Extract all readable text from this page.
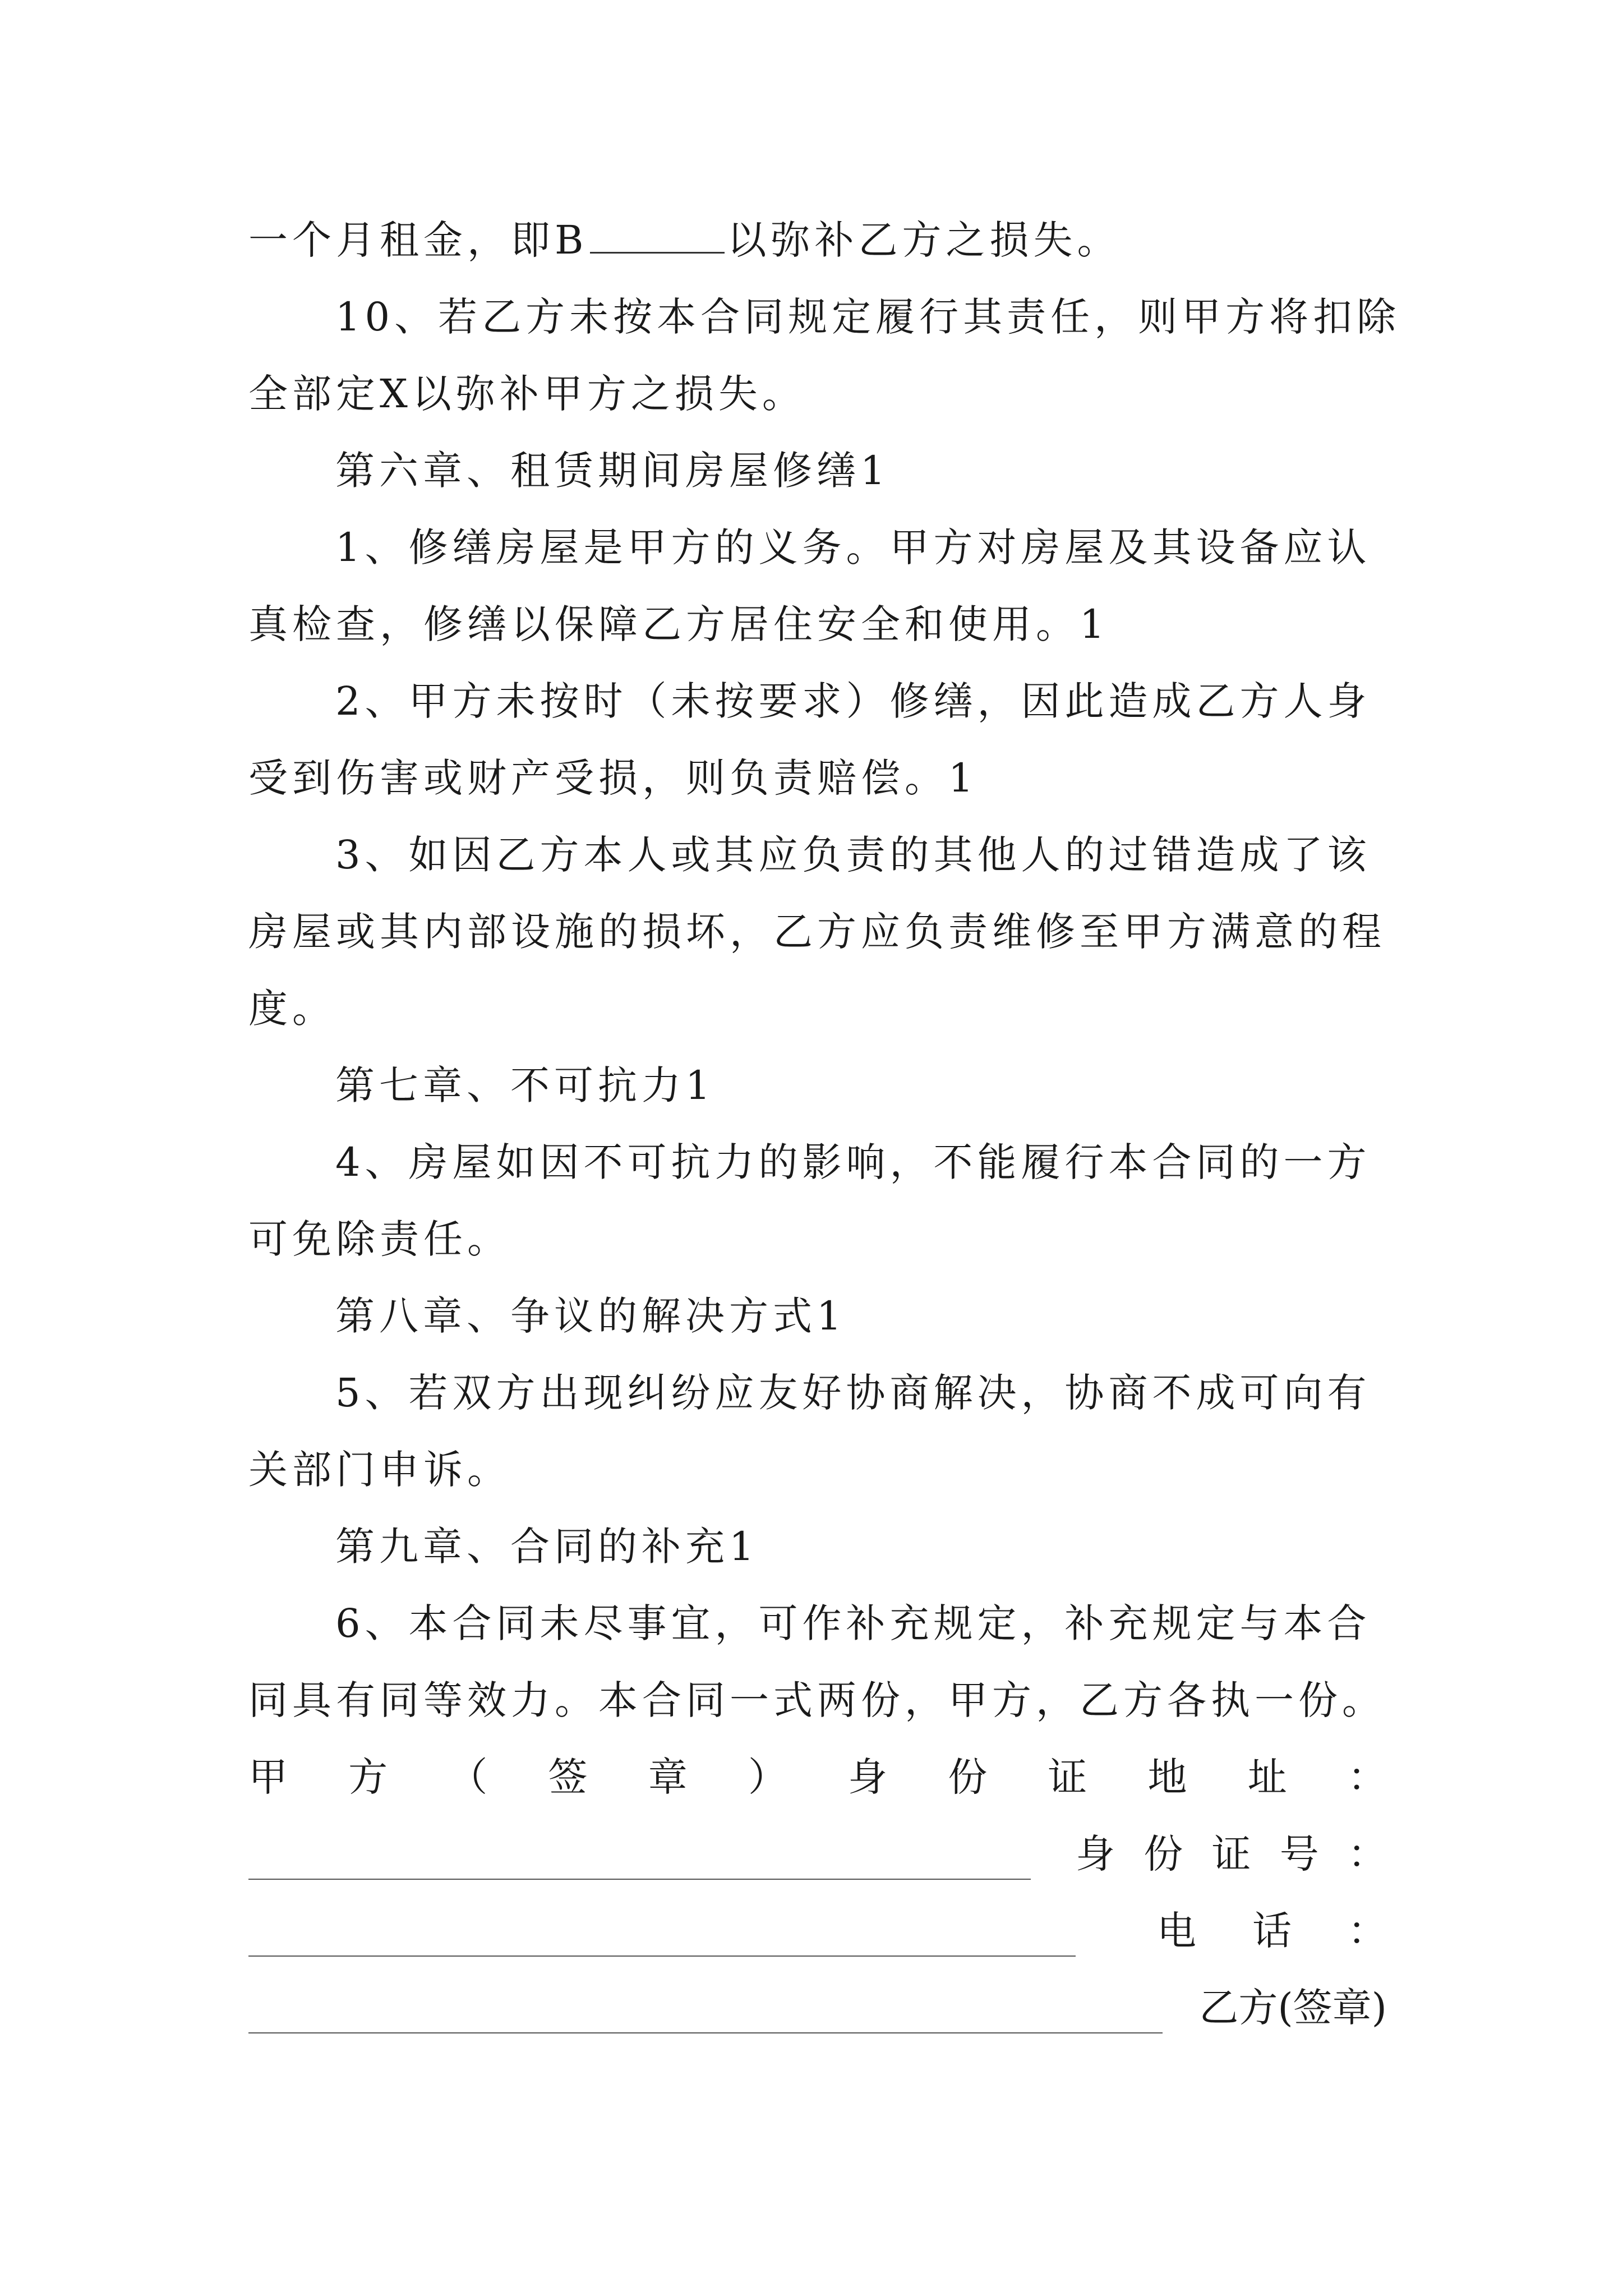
一个月租金，即B	以弥补乙方之损失。
10、若乙方未按本合同规定履行其责任，则甲方将扣除
全部定X以弥补甲方之损失。
第六章、租赁期间房屋修缮1
1、修缮房屋是甲方的义务。甲方对房屋及其设备应认
真检查，修缮以保障乙方居住安全和使用。1
2、甲方未按时（未按要求）修缮，因此造成乙方人身
受到伤害或财产受损，则负责赔偿。1
3、如因乙方本人或其应负责的其他人的过错造成了该
房屋或其内部设施的损坏，乙方应负责维修至甲方满意的程
度。
第七章、不可抗力1
4、房屋如因不可抗力的影响，不能履行本合同的一方
可免除责任。
第八章、争议的解决方式1
5、若双方出现纠纷应友好协商解决，协商不成可向有
关部门申诉。
第九章、合同的补充1
6、本合同未尽事宜，可作补充规定，补充规定与本合
同具有同等效力。本合同一式两份，甲方，乙方各执一份。
甲 方 （ 签 章 ） 身 份 证 地 址 ：
身 份 证 号 ：
电 话 ：
乙方(签章)
